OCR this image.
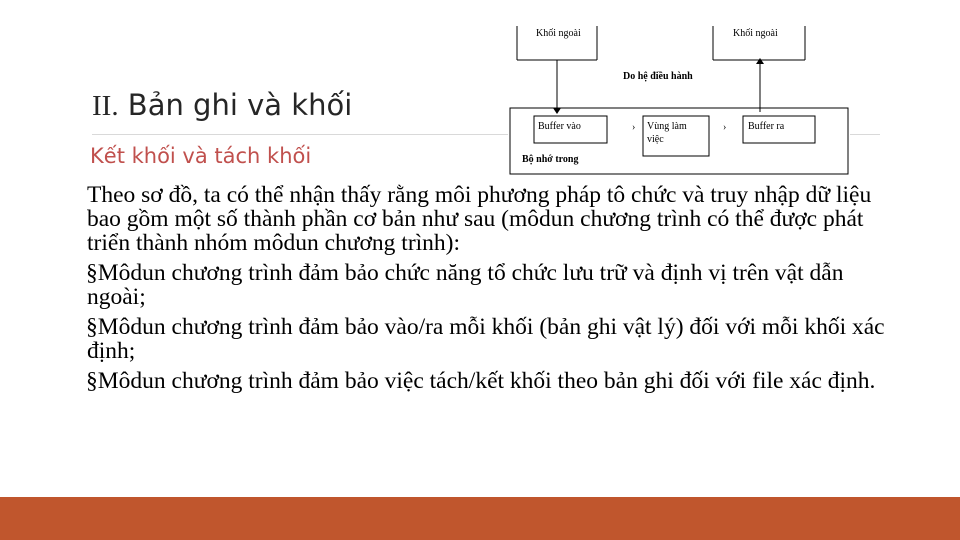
Khối ngoài	Khối ngoài
Do hệ điều hành
Buffer vào	Vùng làm việc
Buffer ra
›	›
Bộ nhớ trong
II. Bản ghi và khối
Kết khối và tách khối

Theo sơ đồ, ta có thể nhận thấy rằng môi phương pháp tô chức và truy nhập dữ liệu bao gồm một số thành phần cơ bản như sau (môdun chương trình có thể được phát triển thành nhóm môdun chương trình):

§Môdun chương trình đảm bảo chức năng tổ chức lưu trữ và định vị trên vật dẫn ngoài;

§Môdun chương trình đảm bảo vào/ra mỗi khối (bản ghi vật lý) đối với mỗi khối xác định;

§Môdun chương trình đảm bảo việc tách/kết khối theo bản ghi đối với file xác định.
